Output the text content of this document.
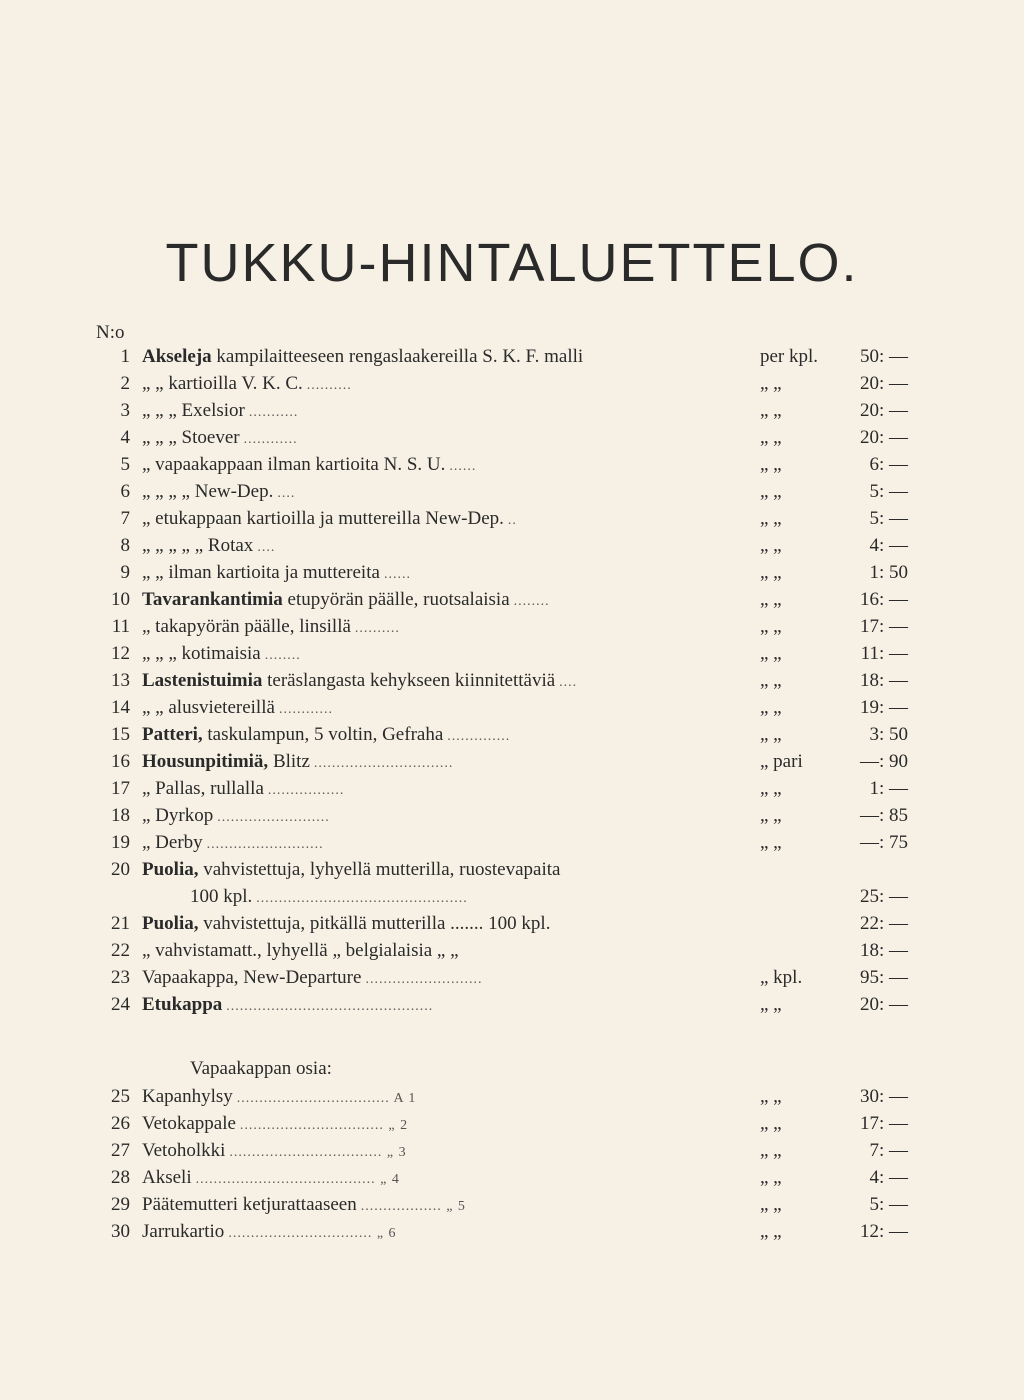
TUKKU-HINTALUETTELO.
N:o
Vapaakappan osia:
1 Akseleja kampilaitteeseen rengaslaakereilla S. K. F. malli	per kpl.	50: —
2 „ „ kartioilla V. K. C. ..........	„ „	20: —
3 „ „ „ Exelsior ...........	„ „	20: —
4 „ „ „ Stoever ............	„ „	20: —
5 „ vapaakappaan ilman kartioita N. S. U. ......	„ „	6: —
6 „ „ „ „ New-Dep. ....	„ „	5: —
7 „ etukappaan kartioilla ja muttereilla New-Dep. ..	„ „	5: —
8 „ „ „ „ „ Rotax ....	„ „	4: —
9 „ „ ilman kartioita ja muttereita ......	„ „	1: 50
10 Tavarankantimia etupyörän päälle, ruotsalaisia ........	„ „	16: —
11 „ takapyörän päälle, linsillä ..........	„ „	17: —
12 „ „ „ kotimaisia ........	„ „	11: —
13 Lastenistuimia teräslangasta kehykseen kiinnitettäviä ....	„ „	18: —
14 „ „ alusvietereillä ............	„ „	19: —
15 Patteri, taskulampun, 5 voltin, Gefraha ..............	„ „	3: 50
16 Housunpitimiä, Blitz ...............................	„ pari	—: 90
17 „ Pallas, rullalla .................	„ „	1: —
18 „ Dyrkop .........................	„ „	—: 85
19 „ Derby ..........................	„ „	—: 75
20 Puolia, vahvistettuja, lyhyellä mutterilla, ruostevapaita
100 kpl. ...............................................	25: —
21 Puolia, vahvistettuja, pitkällä mutterilla ....... 100 kpl.	22: —
22 „ vahvistamatt., lyhyellä „ belgialaisia „ „	18: —
23 Vapaakappa, New-Departure ..........................	„ kpl.	95: —
24 Etukappa ..............................................	„ „	20: —
25 Kapanhylsy .................................. A 1	„ „	30: —
26 Vetokappale ................................ „ 2	„ „	17: —
27 Vetoholkki .................................. „ 3	„ „	7: —
28 Akseli ........................................ „ 4	„ „	4: —
29 Päätemutteri ketjurattaaseen .................. „ 5	„ „	5: —
30 Jarrukartio ................................ „ 6	„ „	12: —
